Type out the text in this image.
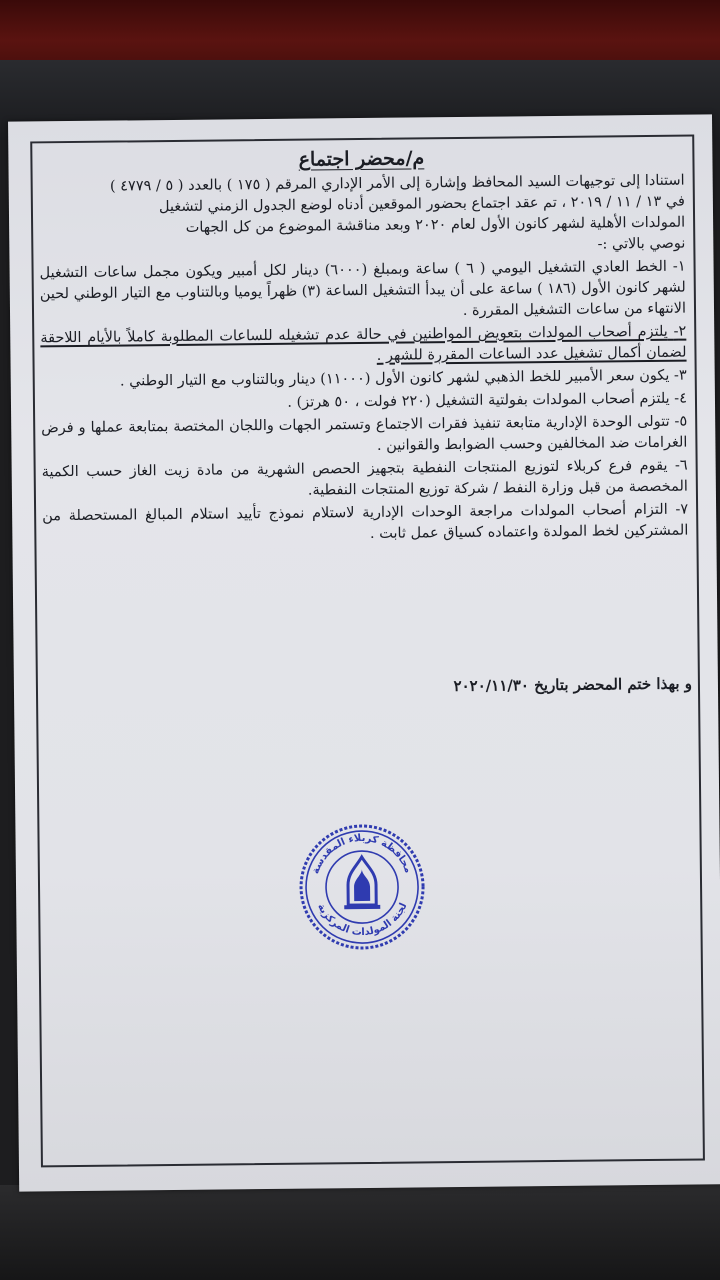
م/محضر اجتماع
استنادا إلى توجيهات السيد المحافظ وإشارة إلى الأمر الإداري المرقم ( ١٧٥ ) بالعدد ( ٥ / ٤٧٧٩ )
في ١٣ / ١١ / ٢٠١٩ ، تم عقد اجتماع بحضور الموقعين أدناه لوضع الجدول الزمني لتشغيل
المولدات الأهلية لشهر كانون الأول لعام ٢٠٢٠ وبعد مناقشة الموضوع من كل الجهات
نوصي بالاتي :-
١- الخط العادي التشغيل اليومي ( ٦ ) ساعة وبمبلغ (٦٠٠٠) دينار لكل أمبير ويكون مجمل ساعات التشغيل لشهر كانون الأول (١٨٦ ) ساعة على أن يبدأ التشغيل الساعة (٣) ظهراً يوميا وبالتناوب مع التيار الوطني لحين الانتهاء من ساعات التشغيل المقررة .
٢- يلتزم أصحاب المولدات بتعويض المواطنين في حالة عدم تشغيله للساعات المطلوبة كاملاً بالأيام اللاحقة لضمان أكمال تشغيل عدد الساعات المقررة للشهر .
٣- يكون سعر الأمبير للخط الذهبي لشهر كانون الأول (١١٠٠٠) دينار وبالتناوب مع التيار الوطني .
٤- يلتزم أصحاب المولدات بفولتية التشغيل (٢٢٠ فولت ، ٥٠ هرتز) .
٥- تتولى الوحدة الإدارية متابعة تنفيذ فقرات الاجتماع وتستمر الجهات واللجان المختصة بمتابعة عملها و فرض الغرامات ضد المخالفين وحسب الضوابط والقوانين .
٦- يقوم فرع كربلاء لتوزيع المنتجات النفطية بتجهيز الحصص الشهرية من مادة زيت الغاز حسب الكمية المخصصة من قبل وزارة النفط / شركة توزيع المنتجات النفطية.
٧- التزام أصحاب المولدات مراجعة الوحدات الإدارية لاستلام نموذج تأييد استلام المبالغ المستحصلة من المشتركين لخط المولدة واعتماده كسياق عمل ثابت .
و بهذا ختم المحضر بتاريخ ٢٠٢٠/١١/٣٠
محافظة كربلاء المقدسة
لجنة المولدات المركزية
